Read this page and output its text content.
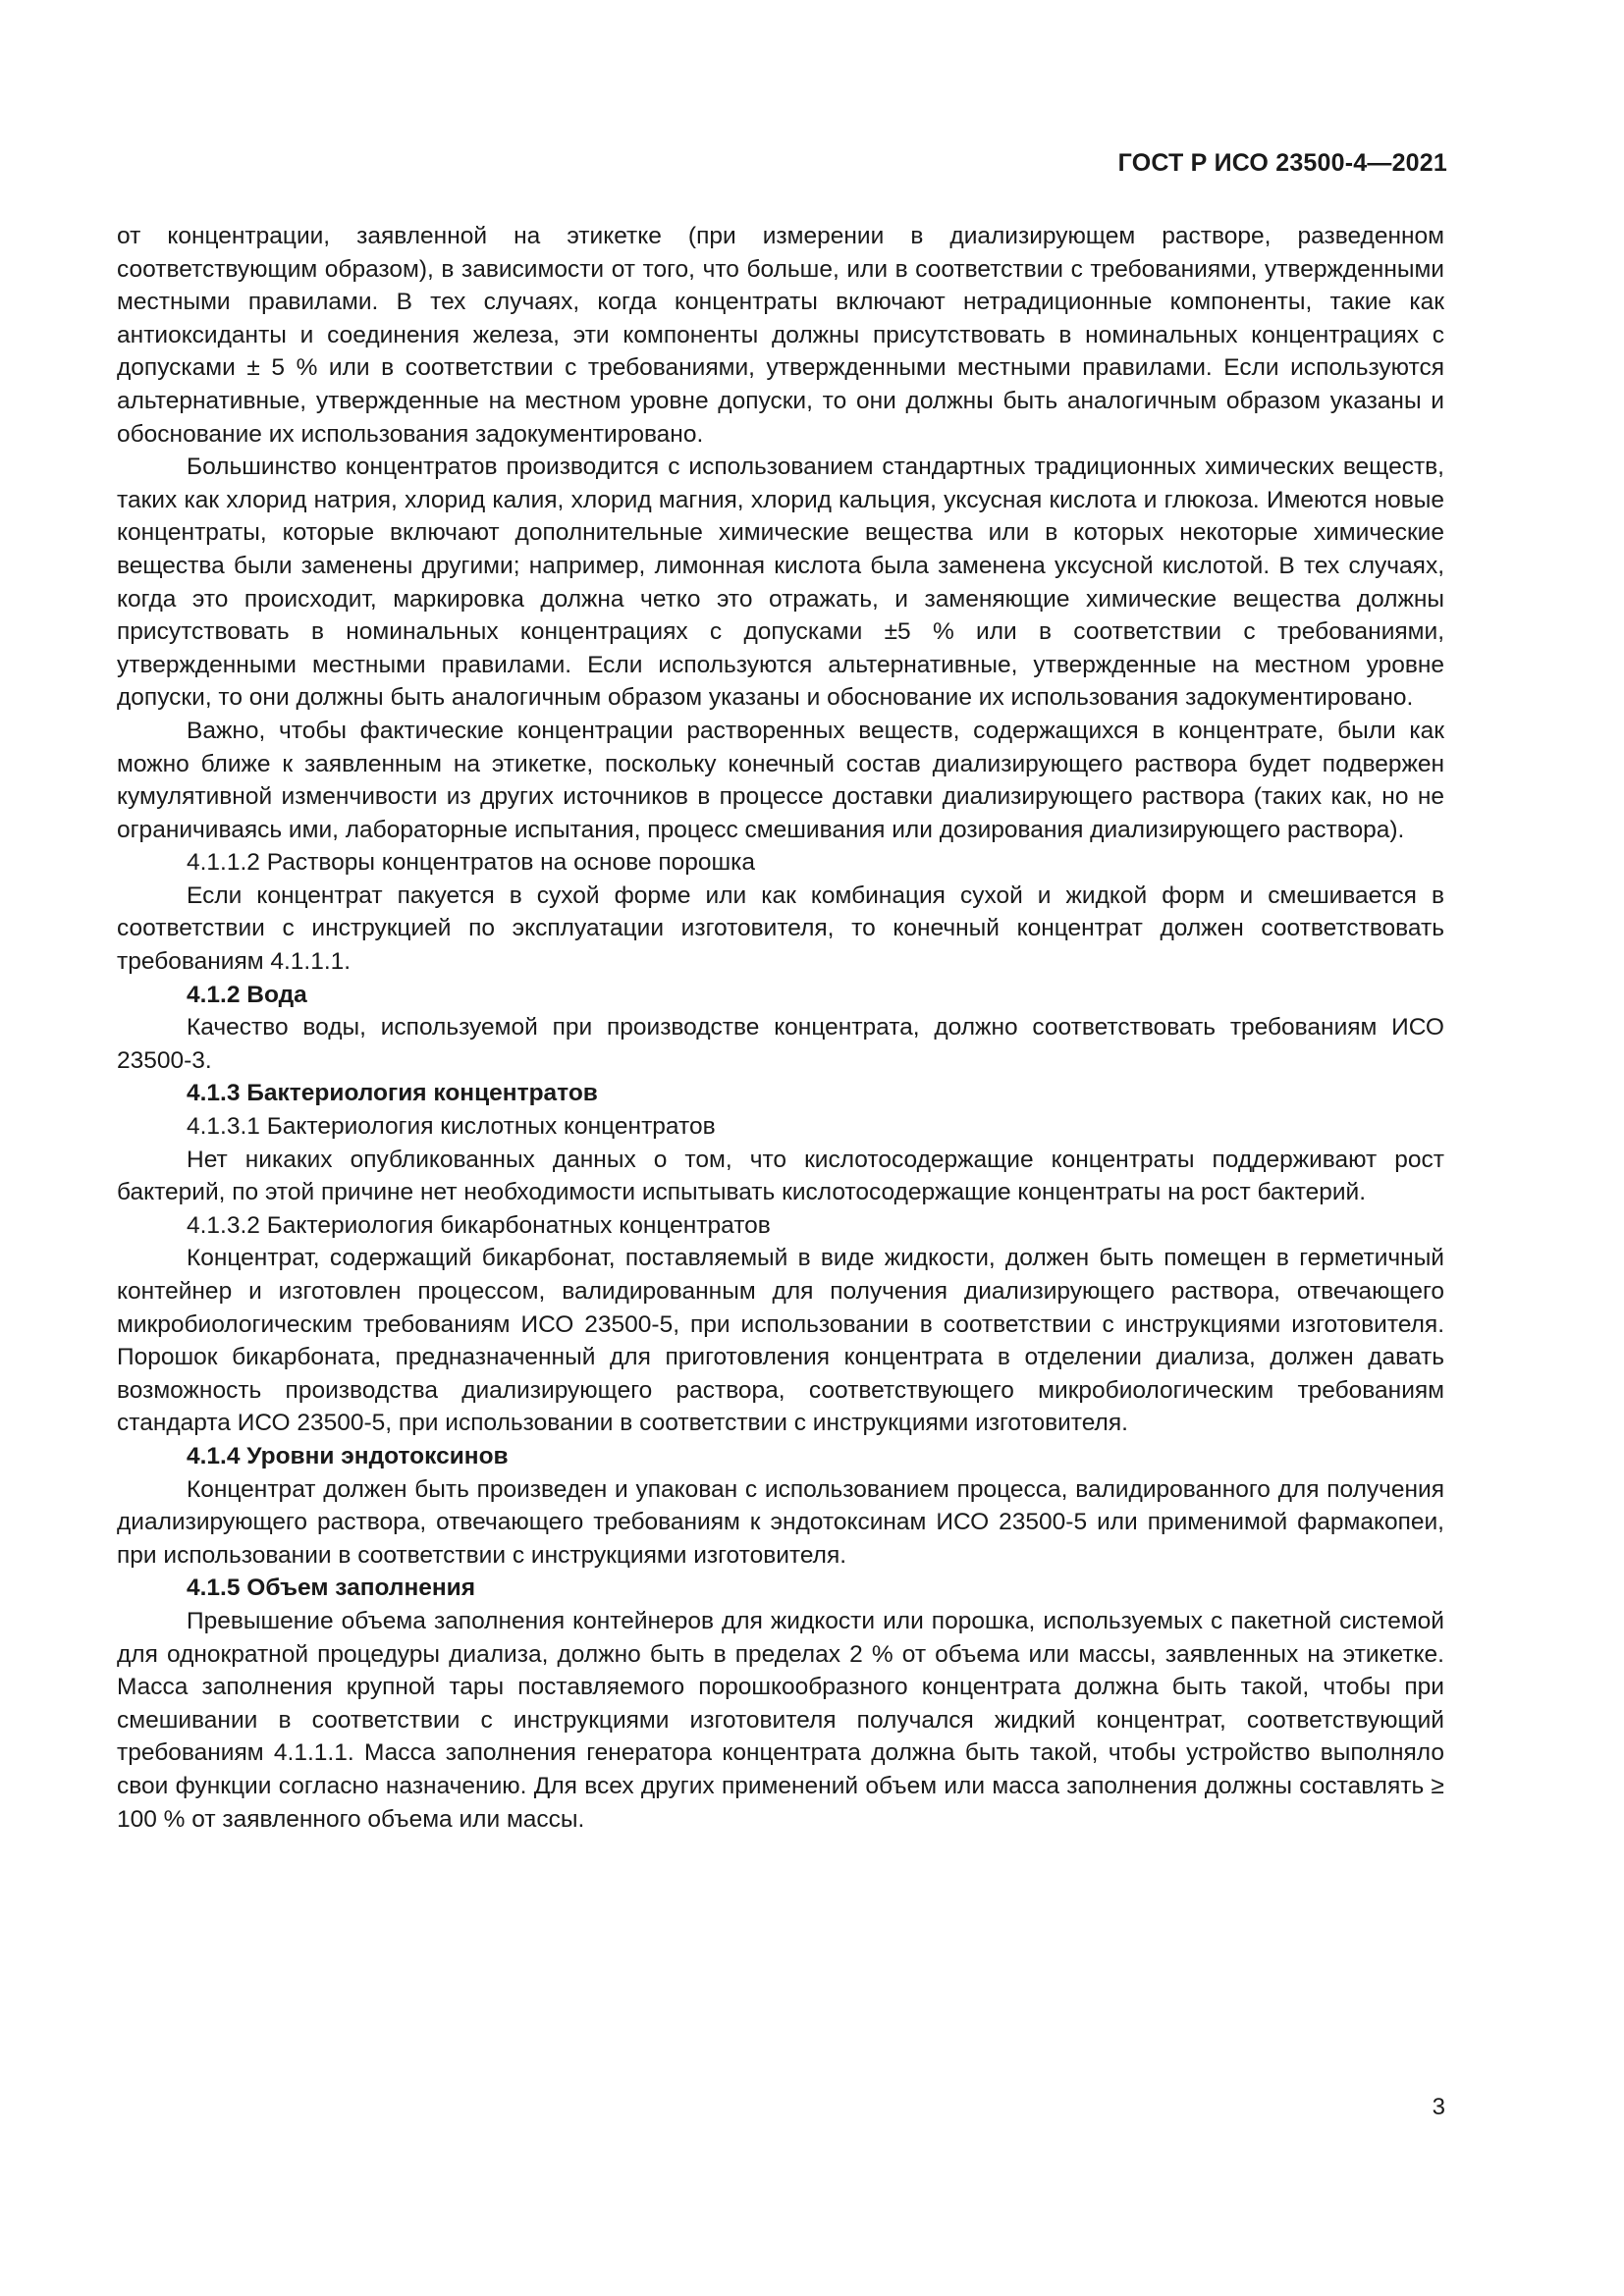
ГОСТ Р ИСО 23500-4—2021

от концентрации, заявленной на этикетке (при измерении в диализирующем растворе, разведенном соответствующим образом), в зависимости от того, что больше, или в соответствии с требованиями, утвержденными местными правилами. В тех случаях, когда концентраты включают нетрадиционные компоненты, такие как антиоксиданты и соединения железа, эти компоненты должны присутствовать в номинальных концентрациях с допусками ± 5 % или в соответствии с требованиями, утвержденными местными правилами. Если используются альтернативные, утвержденные на местном уровне допуски, то они должны быть аналогичным образом указаны и обоснование их использования задокументировано.

Большинство концентратов производится с использованием стандартных традиционных химических веществ, таких как хлорид натрия, хлорид калия, хлорид магния, хлорид кальция, уксусная кислота и глюкоза. Имеются новые концентраты, которые включают дополнительные химические вещества или в которых некоторые химические вещества были заменены другими; например, лимонная кислота была заменена уксусной кислотой. В тех случаях, когда это происходит, маркировка должна четко это отражать, и заменяющие химические вещества должны присутствовать в номинальных концентрациях с допусками ±5 % или в соответствии с требованиями, утвержденными местными правилами. Если используются альтернативные, утвержденные на местном уровне допуски, то они должны быть аналогичным образом указаны и обоснование их использования задокументировано.

Важно, чтобы фактические концентрации растворенных веществ, содержащихся в концентрате, были как можно ближе к заявленным на этикетке, поскольку конечный состав диализирующего раствора будет подвержен кумулятивной изменчивости из других источников в процессе доставки диализирующего раствора (таких как, но не ограничиваясь ими, лабораторные испытания, процесс смешивания или дозирования диализирующего раствора).

4.1.1.2 Растворы концентратов на основе порошка

Если концентрат пакуется в сухой форме или как комбинация сухой и жидкой форм и смешивается в соответствии с инструкцией по эксплуатации изготовителя, то конечный концентрат должен соответствовать требованиям 4.1.1.1.

4.1.2 Вода

Качество воды, используемой при производстве концентрата, должно соответствовать требованиям ИСО 23500-3.

4.1.3 Бактериология концентратов

4.1.3.1 Бактериология кислотных концентратов

Нет никаких опубликованных данных о том, что кислотосодержащие концентраты поддерживают рост бактерий, по этой причине нет необходимости испытывать кислотосодержащие концентраты на рост бактерий.

4.1.3.2 Бактериология бикарбонатных концентратов

Концентрат, содержащий бикарбонат, поставляемый в виде жидкости, должен быть помещен в герметичный контейнер и изготовлен процессом, валидированным для получения диализирующего раствора, отвечающего микробиологическим требованиям ИСО 23500-5, при использовании в соответствии с инструкциями изготовителя. Порошок бикарбоната, предназначенный для приготовления концентрата в отделении диализа, должен давать возможность производства диализирующего раствора, соответствующего микробиологическим требованиям стандарта ИСО 23500-5, при использовании в соответствии с инструкциями изготовителя.

4.1.4 Уровни эндотоксинов

Концентрат должен быть произведен и упакован с использованием процесса, валидированного для получения диализирующего раствора, отвечающего требованиям к эндотоксинам ИСО 23500-5 или применимой фармакопеи, при использовании в соответствии с инструкциями изготовителя.

4.1.5 Объем заполнения

Превышение объема заполнения контейнеров для жидкости или порошка, используемых с пакетной системой для однократной процедуры диализа, должно быть в пределах 2 % от объема или массы, заявленных на этикетке. Масса заполнения крупной тары поставляемого порошкообразного концентрата должна быть такой, чтобы при смешивании в соответствии с инструкциями изготовителя получался жидкий концентрат, соответствующий требованиям 4.1.1.1. Масса заполнения генератора концентрата должна быть такой, чтобы устройство выполняло свои функции согласно назначению. Для всех других применений объем или масса заполнения должны составлять ≥ 100 % от заявленного объема или массы.

3
